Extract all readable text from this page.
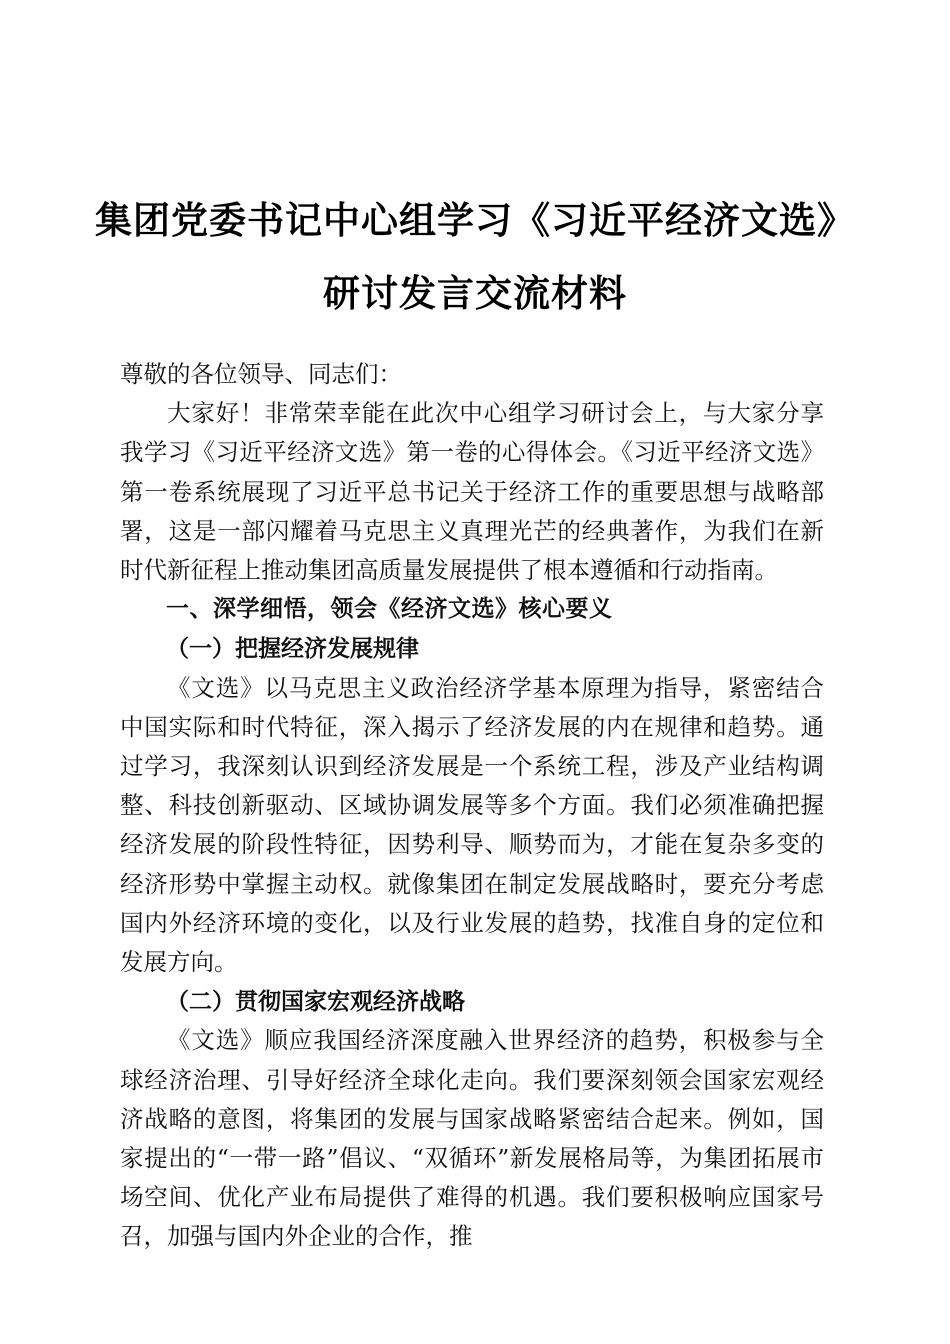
集团党委书记中心组学习《习近平经济文选》
研讨发言交流材料

尊敬的各位领导、同志们：

大家好！非常荣幸能在此次中心组学习研讨会上，与大家分享我学习《习近平经济文选》第一卷的心得体会。《习近平经济文选》第一卷系统展现了习近平总书记关于经济工作的重要思想与战略部署，这是一部闪耀着马克思主义真理光芒的经典著作，为我们在新时代新征程上推动集团高质量发展提供了根本遵循和行动指南。

一、深学细悟，领会《经济文选》核心要义

（一）把握经济发展规律

《文选》以马克思主义政治经济学基本原理为指导，紧密结合中国实际和时代特征，深入揭示了经济发展的内在规律和趋势。通过学习，我深刻认识到经济发展是一个系统工程，涉及产业结构调整、科技创新驱动、区域协调发展等多个方面。我们必须准确把握经济发展的阶段性特征，因势利导、顺势而为，才能在复杂多变的经济形势中掌握主动权。就像集团在制定发展战略时，要充分考虑国内外经济环境的变化，以及行业发展的趋势，找准自身的定位和发展方向。

（二）贯彻国家宏观经济战略

《文选》顺应我国经济深度融入世界经济的趋势，积极参与全球经济治理、引导好经济全球化走向。我们要深刻领会国家宏观经济战略的意图，将集团的发展与国家战略紧密结合起来。例如，国家提出的“一带一路”倡议、“双循环”新发展格局等，为集团拓展市场空间、优化产业布局提供了难得的机遇。我们要积极响应国家号召，加强与国内外企业的合作，推
